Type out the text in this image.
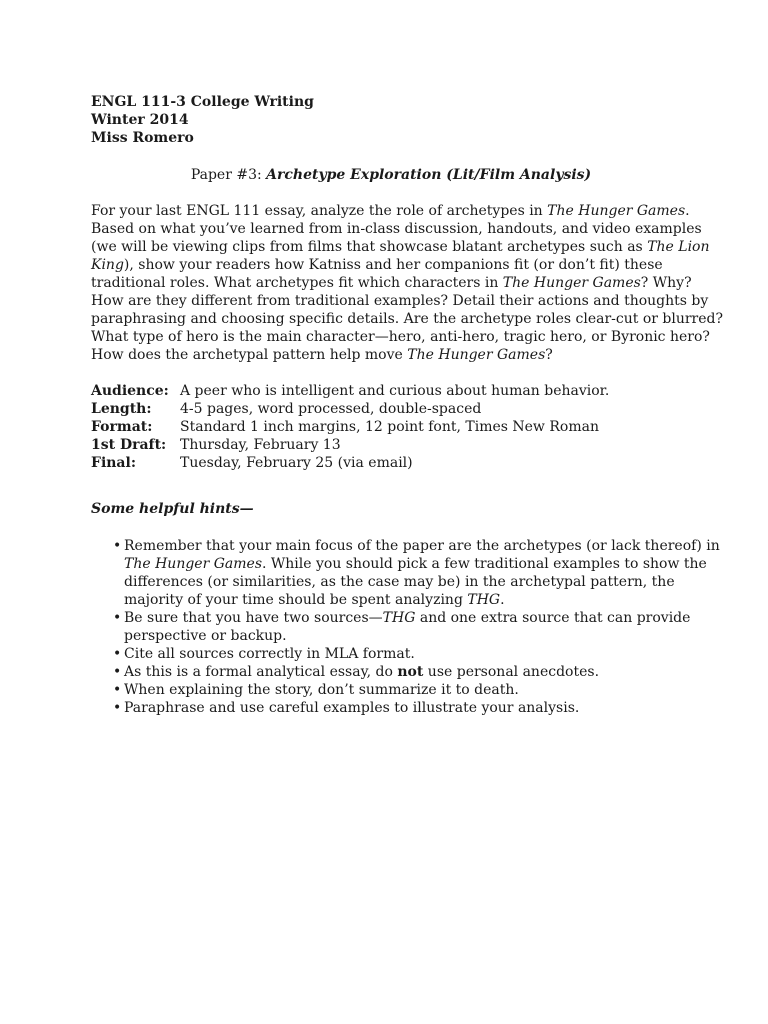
ENGL 111-3 College Writing
Winter 2014
Miss Romero
Paper #3: Archetype Exploration (Lit/Film Analysis)

For your last ENGL 111 essay, analyze the role of archetypes in The Hunger Games.

Based on what you’ve learned from in-class discussion, handouts, and video examples

(we will be viewing clips from films that showcase blatant archetypes such as The Lion

King), show your readers how Katniss and her companions fit (or don’t fit) these

traditional roles. What archetypes fit which characters in The Hunger Games? Why?

How are they different from traditional examples? Detail their actions and thoughts by

paraphrasing and choosing specific details. Are the archetype roles clear-cut or blurred?

What type of hero is the main character—hero, anti-hero, tragic hero, or Byronic hero?

How does the archetypal pattern help move The Hunger Games?

Audience: A peer who is intelligent and curious about human behavior.
Length:	4-5 pages, word processed, double-spaced
Format:	Standard 1 inch margins, 12 point font, Times New Roman
1st Draft: Thursday, February 13
Final:	Tuesday, February 25 (via email)
Some helpful hints—
• Remember that your main focus of the paper are the archetypes (or lack thereof) in
The Hunger Games. While you should pick a few traditional examples to show the
differences (or similarities, as the case may be) in the archetypal pattern, the
majority of your time should be spent analyzing THG.
• Be sure that you have two sources—THG and one extra source that can provide
perspective or backup.
• Cite all sources correctly in MLA format.
• As this is a formal analytical essay, do not use personal anecdotes.
• When explaining the story, don’t summarize it to death.
• Paraphrase and use careful examples to illustrate your analysis.
